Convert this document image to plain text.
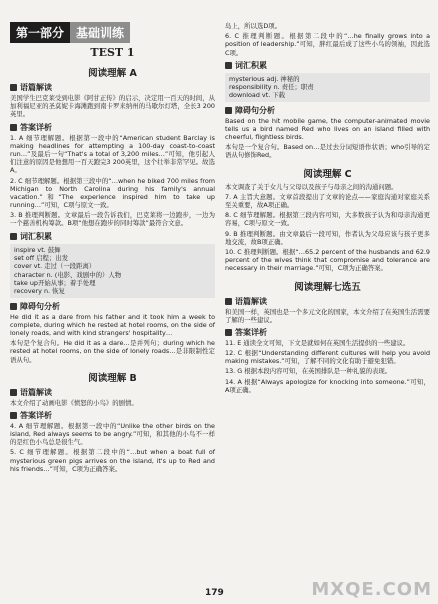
第一部分	基础训练
TEST 1
阅读理解 A
语篇解读

美国学生巴克莱受到电影《阿甘正传》的启示，决定用一百天的时间，从加利福尼亚的圣莫妮卡海滩跑到南卡罗来纳州的马歇尔灯塔，全长3 200英里。

答案详析

1. A 细节理解题。根据第一段中的“American student Barclay is making headlines for attempting a 100-day coast-to-coast run…”及最后一句“That's a total of 3,200 miles…”可知，他引起人们注意的原因是他想用一百天跑完3 200英里，这个壮举非常罕见。故选A。

2. C 细节理解题。根据第三段中的“…when he biked 700 miles from Michigan to North Carolina during his family's annual vacation.”和“The experience inspired him to take up running…”可知，C项与原文一致。

3. B 推理判断题。文章最后一段告诉我们，巴克莱将一边跑步，一边为一个慈善机构筹款。B项“他想在跑步的同时筹款”最符合文意。

词汇积累
inspire vt. 鼓舞
set off 启程；出发
cover vt. 走过（一段距离）
character n. (电影、戏剧中的）人物
take up开始从事；着手处理
recovery n. 恢复
障碍句分析

He did it as a dare from his father and it took him a week to complete, during which he rested at hotel rooms, on the side of lonely roads, and with kind strangers' hospitality…

本句是个复合句。He did it as a dare…是并列句；during which he rested at hotel rooms, on the side of lonely roads…是非限制性定语从句。

阅读理解 B
语篇解读

本文介绍了动画电影《愤怒的小鸟》的剧情。

答案详析

4. A 细节理解题。根据第一段中的“Unlike the other birds on the island, Red always seems to be angry.”可知，和其他的小鸟不一样的是红色小鸟总是很生气。

5. C 细节理解题。根据第二段中的“…but when a boat full of mysterious green pigs arrives on the island, it's up to Red and his friends…”可知，C项为正确答案。

岛上，所以选D项。

6. C 推理判断题。根据第二段中的“…he finally grows into a position of leadership.”可知，胖红最后成了这些小鸟的领袖，因此选C项。

词汇积累
mysterious adj. 神秘的
responsibility n. 责任；职责
download vt. 下载
障碍句分析

Based on the hit mobile game, the computer-animated movie tells us a bird named Red who lives on an island filled with cheerful, flightless birds.

本句是一个复合句。Based on…是过去分词短语作状语；who引导的定语从句修饰Red。

阅读理解 C

本文调查了关于女儿与父母以及孩子与母亲之间的沟通问题。

7. A 主旨大意题。文章首段提出了文章的论点——家庭沟通对家庭关系至关重要，故A项正确。

8. C 细节理解题。根据第三段内容可知，大多数孩子认为和母亲沟通更容易，C项与原文一致。

9. B 推理判断题。由文章最后一段可知，作者认为父母应该与孩子更多地交流，故B项正确。

10. C 推理判断题。根据“…65.2 percent of the husbands and 62.9 percent of the wives think that compromise and tolerance are necessary in their marriage.”可知，C项为正确答案。

阅读理解七选五
语篇解读

和美国一样，英国也是一个多元文化的国家，本文介绍了在英国生活需要了解的一些建议。

答案详析

11. E 通读全文可知，下文是就如何在英国生活提供的一些建议。

12. C 根据“Understanding different cultures will help you avoid making mistakes.”可知，了解不同的文化有助于避免犯错。

13. G 根据本段内容可知，在英国排队是一种礼貌的表现。

14. A 根据“Always apologize for knocking into someone.”可知，A项正确。

179	MXQE.COM
